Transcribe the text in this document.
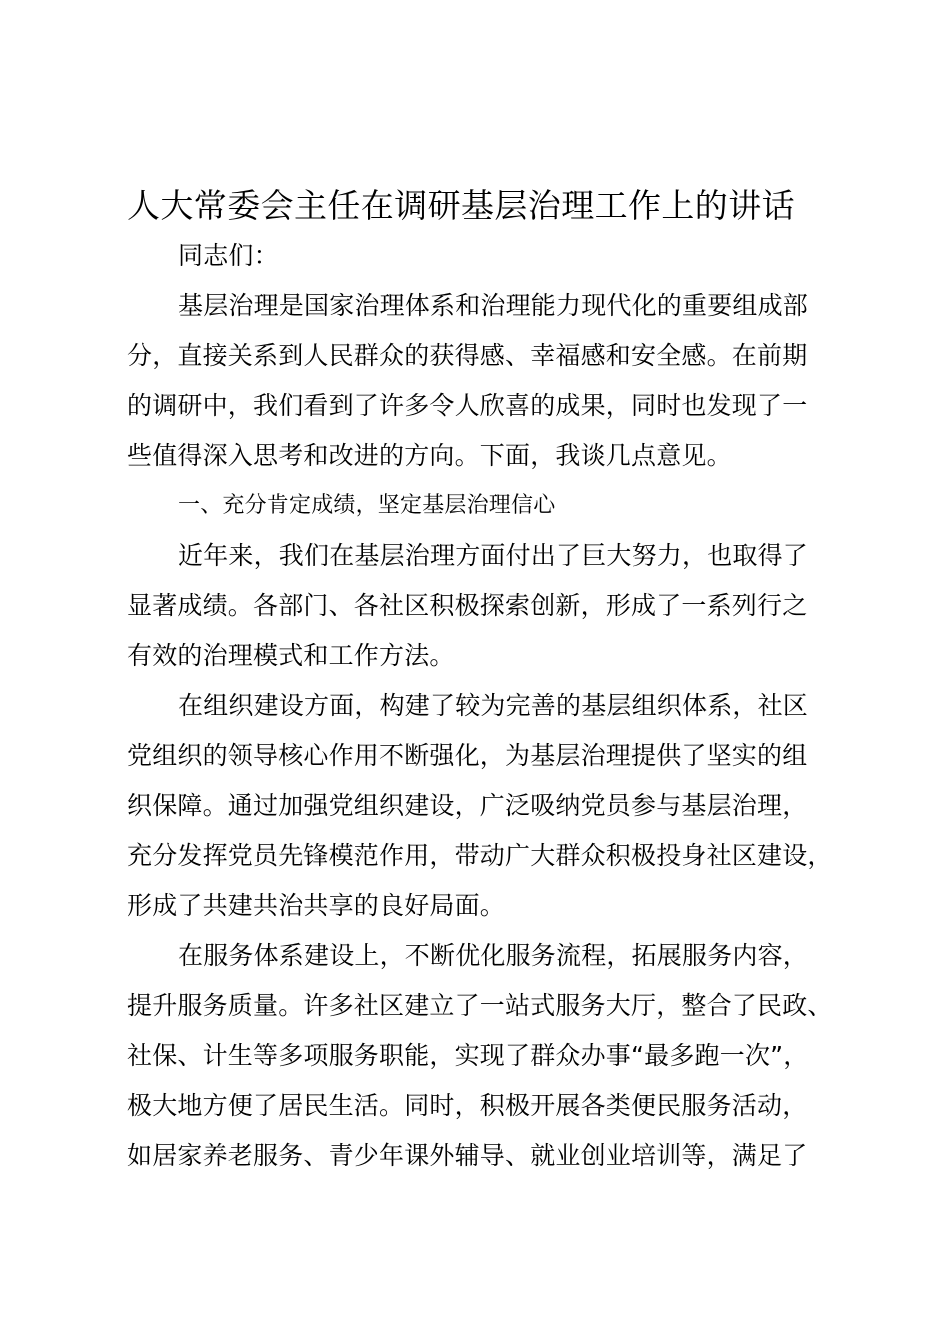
人大常委会主任在调研基层治理工作上的讲话
同志们：
基层治理是国家治理体系和治理能力现代化的重要组成部
分，直接关系到人民群众的获得感、幸福感和安全感。在前期
的调研中，我们看到了许多令人欣喜的成果，同时也发现了一
些值得深入思考和改进的方向。下面，我谈几点意见。
一、充分肯定成绩，坚定基层治理信心
近年来，我们在基层治理方面付出了巨大努力，也取得了
显著成绩。各部门、各社区积极探索创新，形成了一系列行之
有效的治理模式和工作方法。
在组织建设方面，构建了较为完善的基层组织体系，社区
党组织的领导核心作用不断强化，为基层治理提供了坚实的组
织保障。通过加强党组织建设，广泛吸纳党员参与基层治理，
充分发挥党员先锋模范作用，带动广大群众积极投身社区建设，
形成了共建共治共享的良好局面。
在服务体系建设上，不断优化服务流程，拓展服务内容，
提升服务质量。许多社区建立了一站式服务大厅，整合了民政、
社保、计生等多项服务职能，实现了群众办事“最多跑一次”，
极大地方便了居民生活。同时，积极开展各类便民服务活动，
如居家养老服务、青少年课外辅导、就业创业培训等，满足了
